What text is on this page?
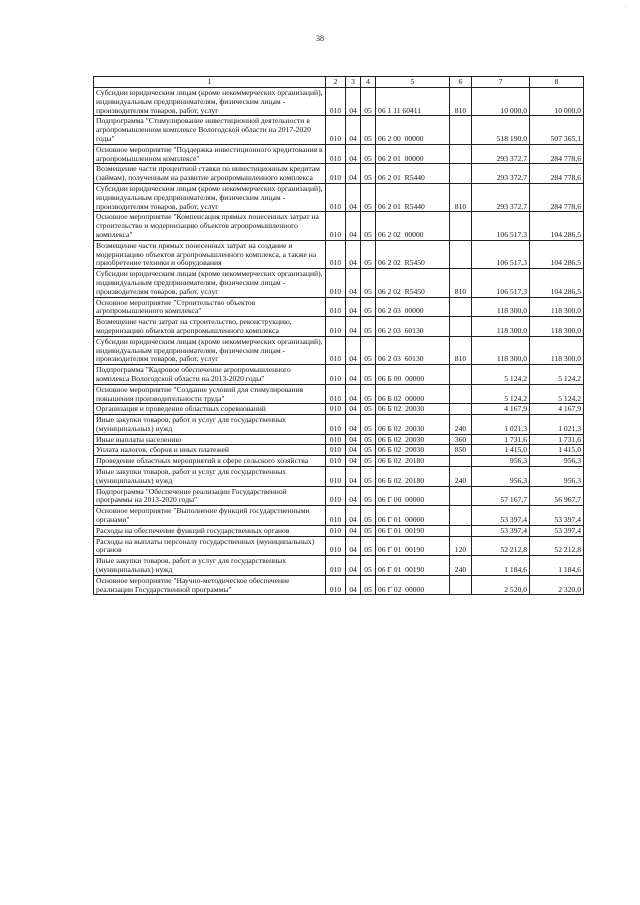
38
1	2	3	4	5	6	7	8
Субсидии юридическим лицам (кроме некоммерческих организаций), индивидуальным предпринимателям, физическим лицам - производителям товаров, работ, услуг	010	04	05	06 1 11 60411	810	10 000,0	10 000,0
Подпрограмма "Стимулирование инвестиционной деятельности в агропромышленном комплексе Вологодской области на 2017-2020 годы"	010	04	05	06 2 00  00000		518 190,0	507 365,1
Основное мероприятие "Поддержка инвестиционного кредитования в агропромышленном комплексе"	010	04	05	06 2 01  00000		293 372,7	284 778,6
Возмещение части процентной ставки по инвестиционным кредитам (займам), полученным на развитие агропромышленного комплекса	010	04	05	06 2 01  R5440		293 372,7	284 778,6
Субсидии юридическим лицам (кроме некоммерческих организаций), индивидуальным предпринимателям, физическим лицам - производителям товаров, работ, услуг	010	04	05	06 2 01  R5440	810	293 372,7	284 778,6
Основное мероприятие "Компенсация прямых понесенных затрат на строительство и модернизацию объектов агропромышленного комплекса"	010	04	05	06 2 02  00000		106 517,3	104 286,5
Возмещение части прямых понесенных затрат на создание и модернизацию объектов агропромышленного комплекса, а также на приобретение техники и оборудования	010	04	05	06 2 02  R5450		106 517,3	104 286,5
Субсидии юридическим лицам (кроме некоммерческих организаций), индивидуальным предпринимателям, физическим лицам - производителям товаров, работ, услуг	010	04	05	06 2 02  R5450	810	106 517,3	104 286,5
Основное мероприятие "Строительство объектов агропромышленного комплекса"	010	04	05	06 2 03  00000		118 300,0	118 300,0
Возмещение части затрат на строительство, реконструкцию, модернизацию объектов агропромышленного комплекса	010	04	05	06 2 03  60130		118 300,0	118 300,0
Субсидии юридическим лицам (кроме некоммерческих организаций), индивидуальным предпринимателям, физическим лицам - производителям товаров, работ, услуг	010	04	05	06 2 03  60130	810	118 300,0	118 300,0
Подпрограмма "Кадровое обеспечение агропромышленного комплекса Вологодской области на 2013-2020 годы"	010	04	05	06 Б 00  00000		5 124,2	5 124,2
Основное мероприятие "Создание условий для стимулирования повышения производительности труда"	010	04	05	06 Б 02  00000		5 124,2	5 124,2
Организация и проведение областных соревнований	010	04	05	06 Б 02  20030		4 167,9	4 167,9
Иные закупки товаров, работ и услуг для государственных (муниципальных) нужд	010	04	05	06 Б 02  20030	240	1 021,3	1 021,3
Иные выплаты населению	010	04	05	06 Б 02  20030	360	1 731,6	1 731,6
Уплата налогов, сборов и иных платежей	010	04	05	06 Б 02  20030	850	1 415,0	1 415,0
Проведение областных мероприятий в сфере сельского хозяйства	010	04	05	06 Б 02  20180		956,3	956,3
Иные закупки товаров, работ и услуг для государственных (муниципальных) нужд	010	04	05	06 Б 02  20180	240	956,3	956,3
Подпрограмма "Обеспечение реализации Государственной программы на 2013-2020 годы"	010	04	05	06 Г 00  00000		57 167,7	56 967,7
Основное мероприятие "Выполнение функций государственными органами"	010	04	05	06 Г 01  00000		53 397,4	53 397,4
Расходы на обеспечение функций государственных органов	010	04	05	06 Г 01  00190		53 397,4	53 397,4
Расходы на выплаты персоналу государственных (муниципальных) органов	010	04	05	06 Г 01  00190	120	52 212,8	52 212,8
Иные закупки товаров, работ и услуг для государственных (муниципальных) нужд	010	04	05	06 Г 01  00190	240	1 184,6	1 184,6
Основное мероприятие "Научно-методическое обеспечение реализации Государственной программы"	010	04	05	06 Г 02  00000		2 520,0	2 320,0
·
